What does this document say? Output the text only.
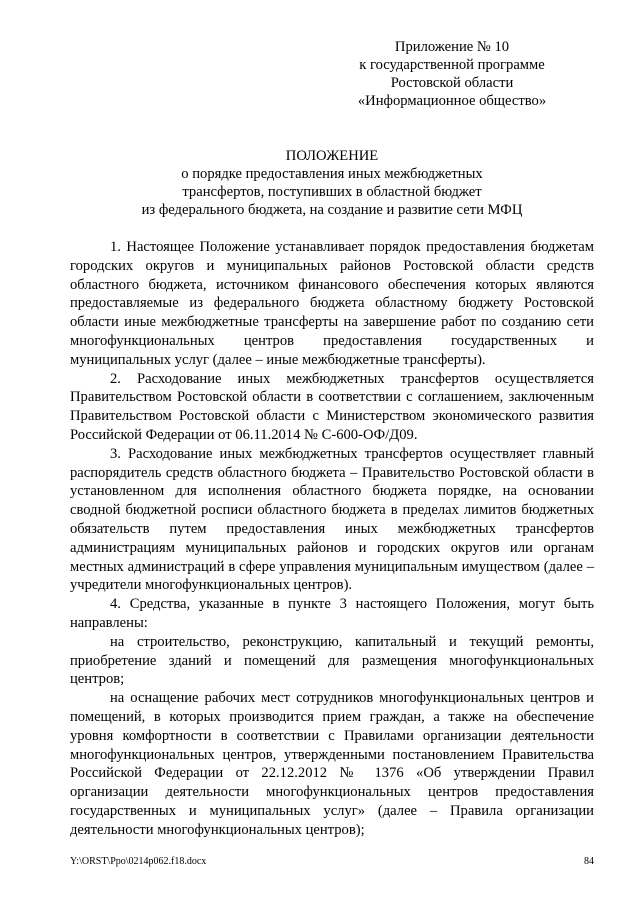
Приложение № 10
к государственной программе
Ростовской области
«Информационное общество»
ПОЛОЖЕНИЕ
о порядке предоставления иных межбюджетных
трансфертов, поступивших в областной бюджет
из федерального бюджета, на создание и развитие сети МФЦ

1. Настоящее Положение устанавливает порядок предоставления бюджетам городских округов и муниципальных районов Ростовской области средств областного бюджета, источником финансового обеспечения которых являются предоставляемые из федерального бюджета областному бюджету Ростовской области иные межбюджетные трансферты на завершение работ по созданию сети многофункциональных центров предоставления государственных и муниципальных услуг (далее – иные межбюджетные трансферты).

2. Расходование иных межбюджетных трансфертов осуществляется Правительством Ростовской области в соответствии с соглашением, заключенным Правительством Ростовской области с Министерством экономического развития Российской Федерации от 06.11.2014 № С-600-ОФ/Д09.

3. Расходование иных межбюджетных трансфертов осуществляет главный распорядитель средств областного бюджета – Правительство Ростовской области в установленном для исполнения областного бюджета порядке, на основании сводной бюджетной росписи областного бюджета в пределах лимитов бюджетных обязательств путем предоставления иных межбюджетных трансфертов администрациям муниципальных районов и городских округов или органам местных администраций в сфере управления муниципальным имуществом (далее – учредители многофункциональных центров).

4. Средства, указанные в пункте 3 настоящего Положения, могут быть направлены:

на строительство, реконструкцию, капитальный и текущий ремонты, приобретение зданий и помещений для размещения многофункциональных центров;

на оснащение рабочих мест сотрудников многофункциональных центров и помещений, в которых производится прием граждан, а также на обеспечение уровня комфортности в соответствии с Правилами организации деятельности многофункциональных центров, утвержденными постановлением Правительства Российской Федерации от 22.12.2012 № 1376 «Об утверждении Правил организации деятельности многофункциональных центров предоставления государственных и муниципальных услуг» (далее – Правила организации деятельности многофункциональных центров);

Y:\ORST\Ppo\0214p062.f18.docx	84
